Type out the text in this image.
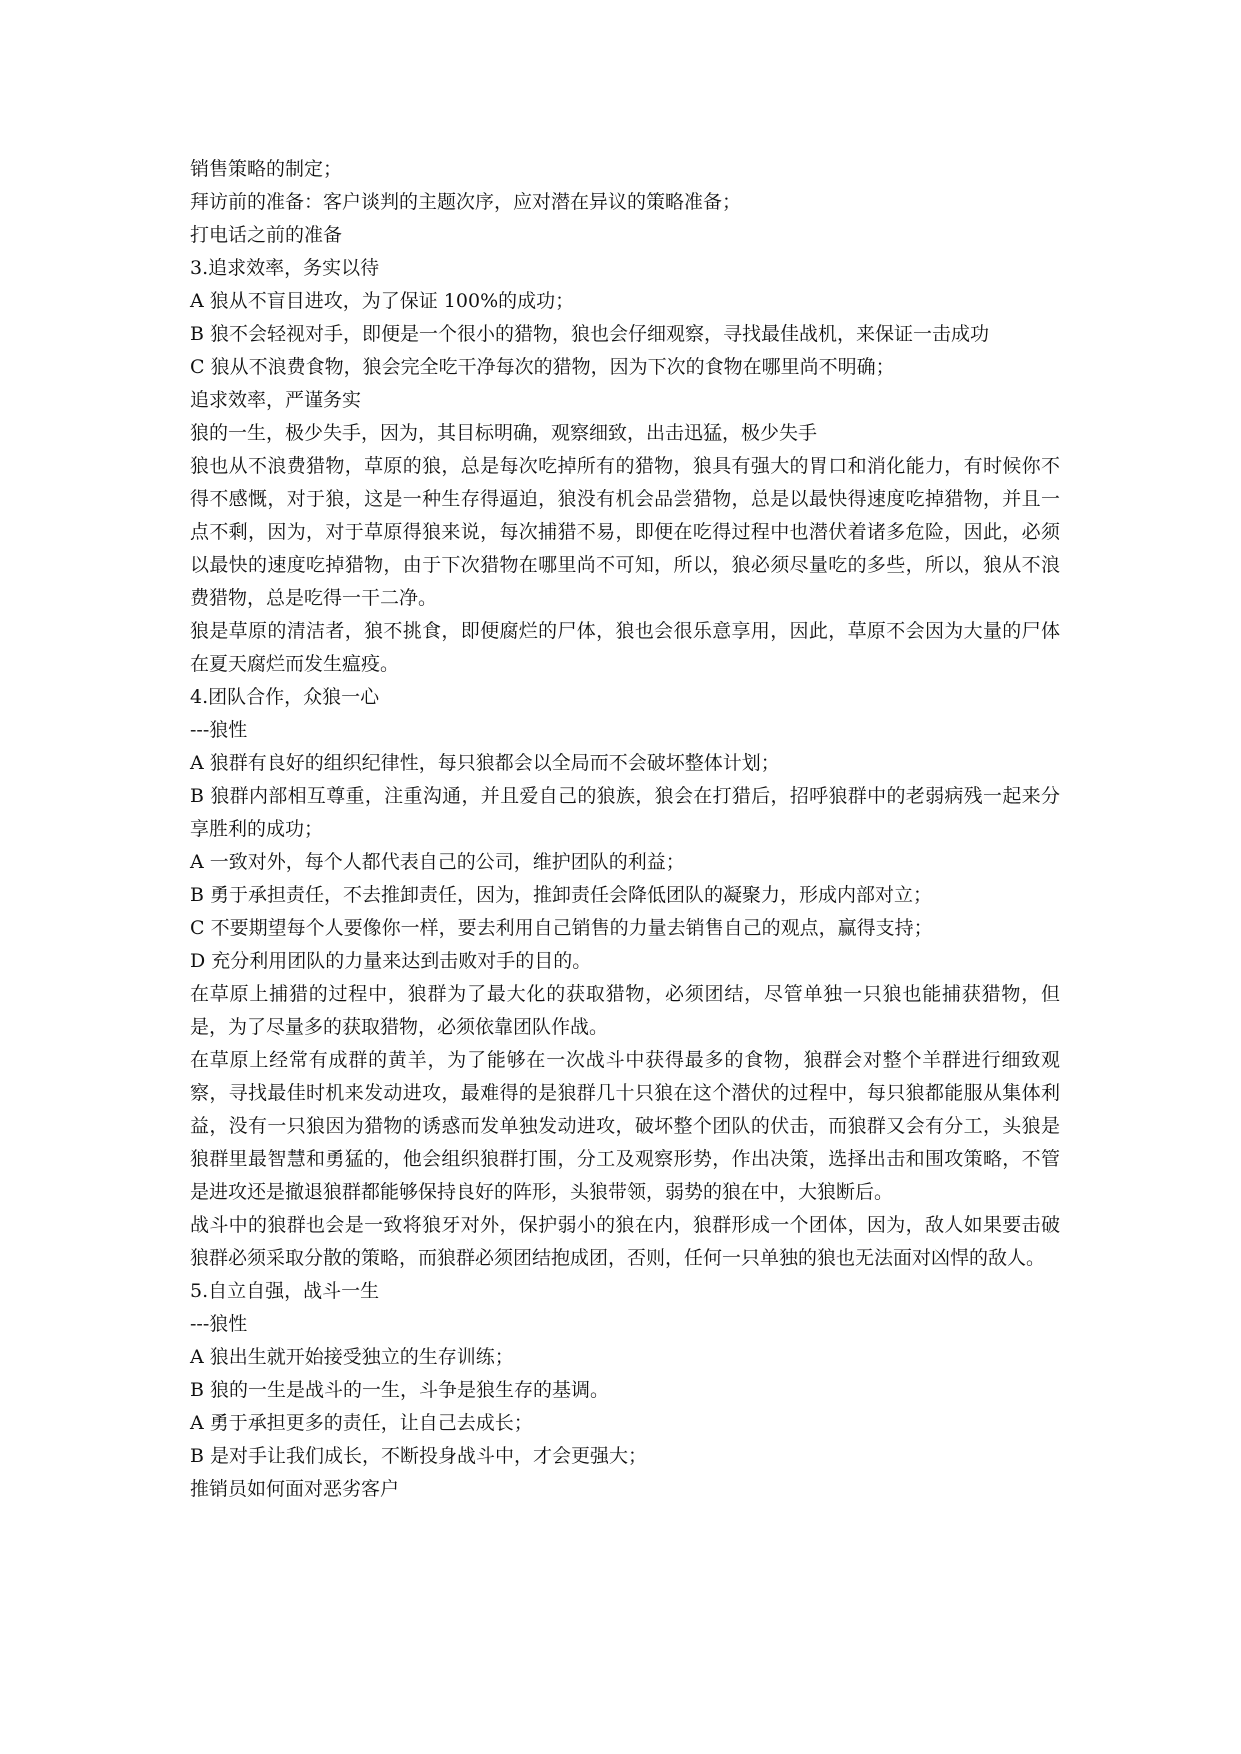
销售策略的制定；

拜访前的准备：客户谈判的主题次序，应对潜在异议的策略准备；

打电话之前的准备

3.追求效率，务实以待

A 狼从不盲目进攻，为了保证 100%的成功；

B 狼不会轻视对手，即便是一个很小的猎物，狼也会仔细观察，寻找最佳战机，来保证一击成功

C 狼从不浪费食物，狼会完全吃干净每次的猎物，因为下次的食物在哪里尚不明确；

追求效率，严谨务实

狼的一生，极少失手，因为，其目标明确，观察细致，出击迅猛，极少失手

狼也从不浪费猎物，草原的狼，总是每次吃掉所有的猎物，狼具有强大的胃口和消化能力，有时候你不得不感慨，对于狼，这是一种生存得逼迫，狼没有机会品尝猎物，总是以最快得速度吃掉猎物，并且一点不剩，因为，对于草原得狼来说，每次捕猎不易，即便在吃得过程中也潜伏着诸多危险，因此，必须以最快的速度吃掉猎物，由于下次猎物在哪里尚不可知，所以，狼必须尽量吃的多些，所以，狼从不浪费猎物，总是吃得一干二净。

狼是草原的清洁者，狼不挑食，即便腐烂的尸体，狼也会很乐意享用，因此，草原不会因为大量的尸体在夏天腐烂而发生瘟疫。

4.团队合作，众狼一心

---狼性

A 狼群有良好的组织纪律性，每只狼都会以全局而不会破坏整体计划；

B 狼群内部相互尊重，注重沟通，并且爱自己的狼族，狼会在打猎后，招呼狼群中的老弱病残一起来分享胜利的成功；

A 一致对外，每个人都代表自己的公司，维护团队的利益；

B 勇于承担责任，不去推卸责任，因为，推卸责任会降低团队的凝聚力，形成内部对立；

C 不要期望每个人要像你一样，要去利用自己销售的力量去销售自己的观点，赢得支持；

D 充分利用团队的力量来达到击败对手的目的。

在草原上捕猎的过程中，狼群为了最大化的获取猎物，必须团结，尽管单独一只狼也能捕获猎物，但是，为了尽量多的获取猎物，必须依靠团队作战。

在草原上经常有成群的黄羊，为了能够在一次战斗中获得最多的食物，狼群会对整个羊群进行细致观察，寻找最佳时机来发动进攻，最难得的是狼群几十只狼在这个潜伏的过程中，每只狼都能服从集体利益，没有一只狼因为猎物的诱惑而发单独发动进攻，破坏整个团队的伏击，而狼群又会有分工，头狼是狼群里最智慧和勇猛的，他会组织狼群打围，分工及观察形势，作出决策，选择出击和围攻策略，不管是进攻还是撤退狼群都能够保持良好的阵形，头狼带领，弱势的狼在中，大狼断后。

战斗中的狼群也会是一致将狼牙对外，保护弱小的狼在内，狼群形成一个团体，因为，敌人如果要击破狼群必须采取分散的策略，而狼群必须团结抱成团，否则，任何一只单独的狼也无法面对凶悍的敌人。

5.自立自强，战斗一生

---狼性

A 狼出生就开始接受独立的生存训练；

B 狼的一生是战斗的一生，斗争是狼生存的基调。

A 勇于承担更多的责任，让自己去成长；

B 是对手让我们成长，不断投身战斗中，才会更强大；

推销员如何面对恶劣客户
